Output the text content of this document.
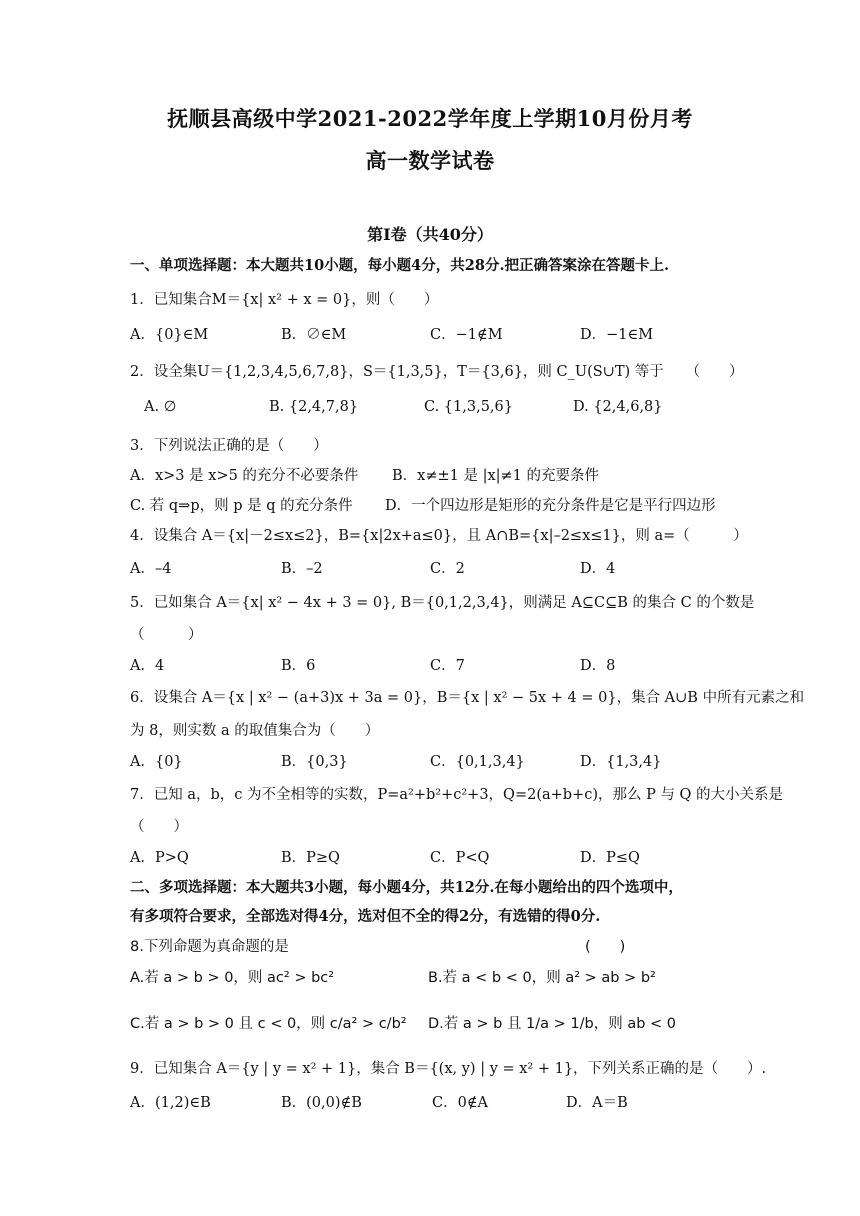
抚顺县高级中学2021-2022学年度上学期10月份月考
高一数学试卷
第Ⅰ卷（共40分）
一、单项选择题：本大题共10小题，每小题4分，共28分.把正确答案涂在答题卡上.
1．已知集合M＝{x| x² + x = 0}，则（　　）
A．{0}∈M	B．∅∈M	C．−1∉M	D．−1∈M
2．设全集U＝{1,2,3,4,5,6,7,8}，S＝{1,3,5}，T＝{3,6}，则 C_U(S∪T) 等于　　（　　）
A. ∅	B. {2,4,7,8}	C. {1,3,5,6}	D. {2,4,6,8}
3．下列说法正确的是（　　）
A．x>3 是 x>5 的充分不必要条件 B．x≠±1 是 |x|≠1 的充要条件
C. 若 q⇒p，则 p 是 q 的充分条件 D．一个四边形是矩形的充分条件是它是平行四边形
4．设集合 A＝{x|－2≤x≤2}，B={x|2x+a≤0}，且 A∩B={x|–2≤x≤1}，则 a=（　　　）
A．–4	B．–2	C．2	D．4
5．已如集合 A＝{x| x² − 4x + 3 = 0}, B＝{0,1,2,3,4}，则满足 A⊆C⊆B 的集合 C 的个数是
（　　　）
A．4	B．6	C．7	D．8
6．设集合 A＝{x | x² − (a+3)x + 3a = 0}，B＝{x | x² − 5x + 4 = 0}，集合 A∪B 中所有元素之和
为 8，则实数 a 的取值集合为（　　）
A．{0}	B．{0,3}	C．{0,1,3,4}	D．{1,3,4}
7．已知 a，b，c 为不全相等的实数，P=a²+b²+c²+3，Q=2(a+b+c)，那么 P 与 Q 的大小关系是
（　　）
A．P>Q	B．P≥Q	C．P<Q	D．P≤Q
二、多项选择题：本大题共3小题，每小题4分，共12分.在每小题给出的四个选项中，
有多项符合要求，全部选对得4分，选对但不全的得2分，有选错的得0分.
8.下列命题为真命题的是	(　　)
A.若 a > b > 0，则 ac² > bc²	B.若 a < b < 0，则 a² > ab > b²
C.若 a > b > 0 且 c < 0，则 c/a² > c/b² D.若 a > b 且 1/a > 1/b，则 ab < 0
9．已知集合 A＝{y | y = x² + 1}，集合 B＝{(x, y) | y = x² + 1}，下列关系正确的是（　　）.
A．(1,2)∈B	B．(0,0)∉B	C．0∉A	D．A＝B
